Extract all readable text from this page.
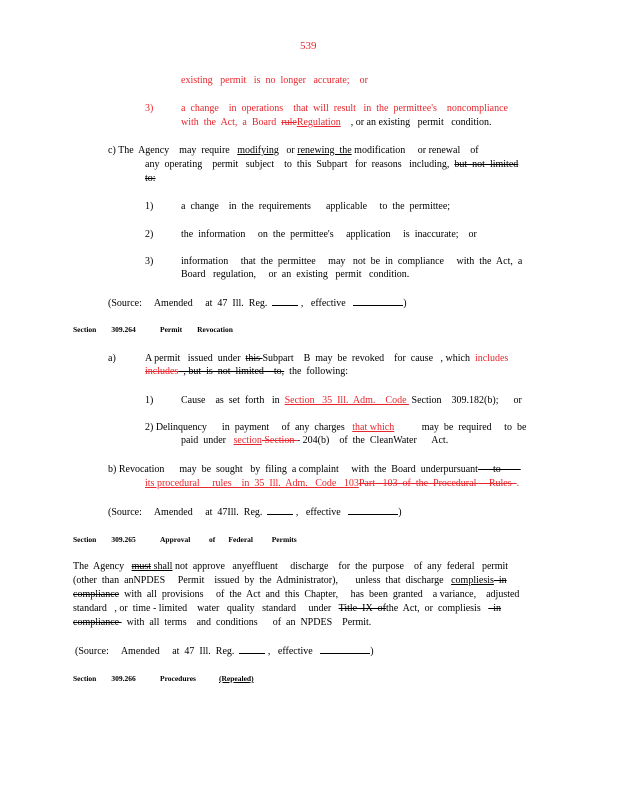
539
existing   permit   is  no  longer   accurate;    or
3)	a  change    in  operations    that  will  result   in  the  permittee's    noncompliance
with  the  Act,  a  Board  ruleRegulation    , or an existing   permit   condition.
c) The  Agency    may  require   modifying   or renewing  the modification     or renewal    of
any  operating    permit   subject    to  this  Subpart   for  reasons   including,  but  not  limited
to:
1)	a  change    in  the  requirements      applicable     to  the  permittee;
2)	the  information     on  the  permittee's     application     is  inaccurate;    or
3)	information     that  the  permittee     may   not  be  in  compliance     with  the  Act,  a
Board   regulation,     or  an  existing   permit   condition.
(Source:     Amended     at  47  Ill.  Reg.	,   effective	)
Section        309.264	Permit        Revocation
a)	A permit   issued  under  this Subpart    B  may  be  revoked    for  cause   , which  includes
includes  , but  is  not  limited    to,  the  following:
1)	Cause    as  set  forth   in  Section   35  Ill.  Adm.    Code  Section    309.182(b);      or
2) Delinquency      in  payment     of  any  charges   that which           may  be  required     to  be
paid  under   section Section - 204(b)    of  the  CleanWater      Act.
b) Revocation      may  be  sought   by  filing  a complaint     with  the  Board  underpursuant      to
its procedural     rules    in  35  Ill.  Adm.   Code   103Part   103  of  the  Procedural     Rules  .
(Source:     Amended     at  47Ill.  Reg.	,   effective	)
Section        309.265	Approval          of       Federal          Permits
The  Agency   must shall not  approve   anyeffluent     discharge    for  the  purpose    of  any  federal   permit
(other  than  anNPDES     Permit    issued  by  the  Administrator),       unless  that  discharge   compliesis  in
compliance  with  all  provisions     of  the  Act  and  this  Chapter,     has  been  granted    a variance,    adjusted
standard   , or  time - limited    water   quality   standard     under   Title  IX  ofthe  Act,  or  compliesis     in
compliance   with  all  terms    and  conditions      of  an  NPDES    Permit.
(Source:     Amended     at  47  Ill.  Reg.	,   effective	)
Section        309.266	Procedures	(Repealed)
